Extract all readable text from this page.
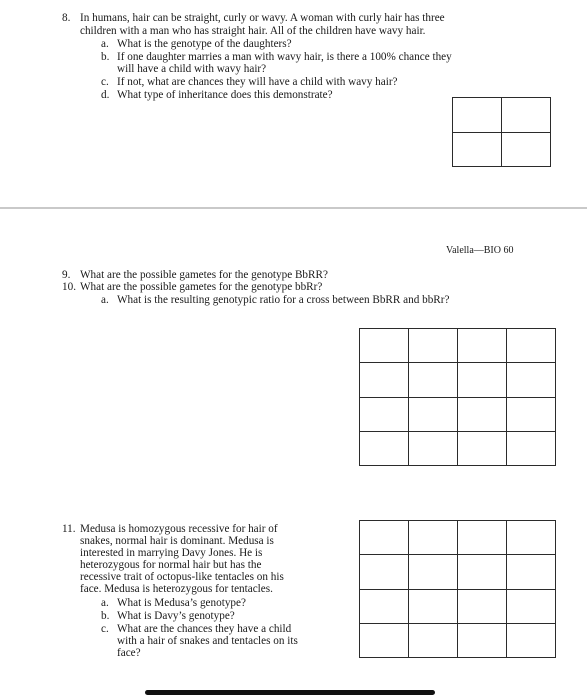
8. In humans, hair can be straight, curly or wavy. A woman with curly hair has three
children with a man who has straight hair. All of the children have wavy hair.
a. What is the genotype of the daughters?
b. If one daughter marries a man with wavy hair, is there a 100% chance they
will have a child with wavy hair?
c. If not, what are chances they will have a child with wavy hair?
d. What type of inheritance does this demonstrate?

Valella—BIO 60
9. What are the possible gametes for the genotype BbRR?
10. What are the possible gametes for the genotype bbRr?
a. What is the resulting genotypic ratio for a cross between BbRR and bbRr?

11. Medusa is homozygous recessive for hair of
snakes, normal hair is dominant. Medusa is
interested in marrying Davy Jones. He is
heterozygous for normal hair but has the
recessive trait of octopus-like tentacles on his
face. Medusa is heterozygous for tentacles.
a. What is Medusa’s genotype?
b. What is Davy’s genotype?
c. What are the chances they have a child
with a hair of snakes and tentacles on its
face?
